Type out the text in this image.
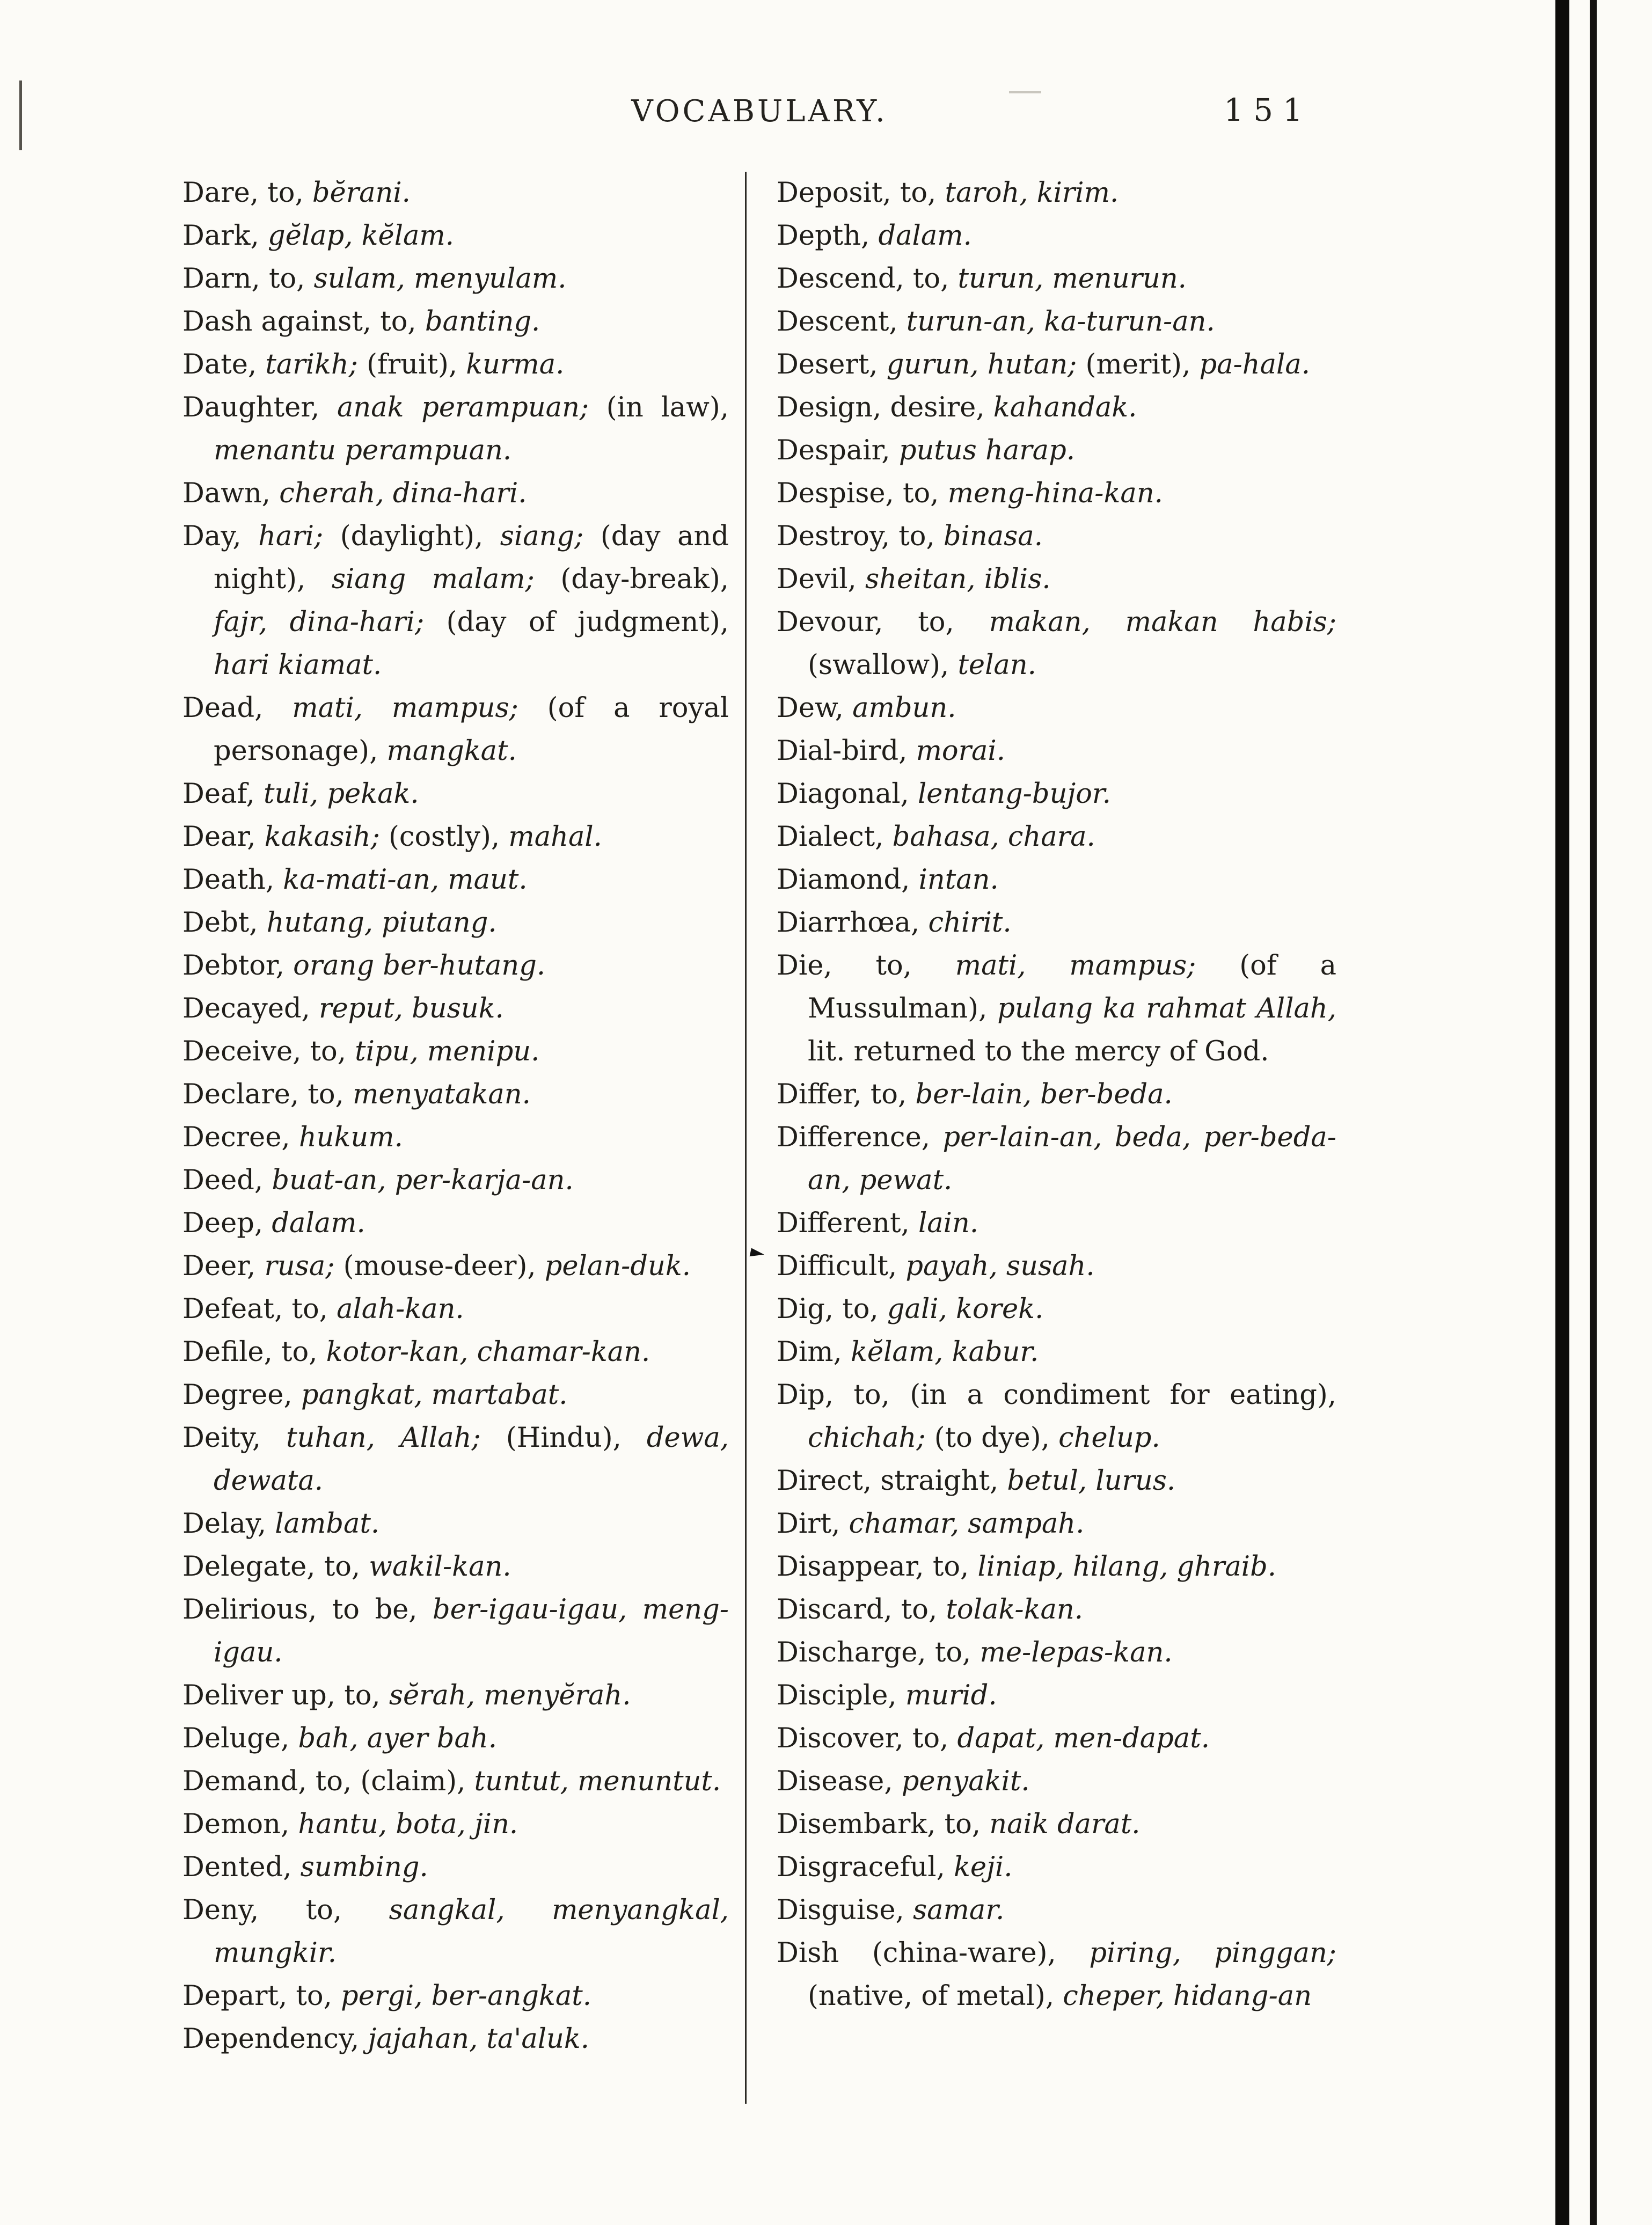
VOCABULARY.	151
Dare, to, bĕrani.
Dark, gĕlap, kĕlam.
Darn, to, sulam, menyulam.
Dash against, to, banting.
Date, tarikh; (fruit), kurma.
Daughter, anak perampuan; (in law), menantu perampuan.
Dawn, cherah, dina-hari.
Day, hari; (daylight), siang; (day and night), siang malam; (day-break), fajr, dina-hari; (day of judgment), hari kiamat.
Dead, mati, mampus; (of a royal personage), mangkat.
Deaf, tuli, pekak.
Dear, kakasih; (costly), mahal.
Death, ka-mati-an, maut.
Debt, hutang, piutang.
Debtor, orang ber-hutang.
Decayed, reput, busuk.
Deceive, to, tipu, menipu.
Declare, to, menyatakan.
Decree, hukum.
Deed, buat-an, per-karja-an.
Deep, dalam.
Deer, rusa; (mouse-deer), pelan-duk.
Defeat, to, alah-kan.
Defile, to, kotor-kan, chamar-kan.
Degree, pangkat, martabat.
Deity, tuhan, Allah; (Hindu), dewa, dewata.
Delay, lambat.
Delegate, to, wakil-kan.
Delirious, to be, ber-igau-igau, meng-igau.
Deliver up, to, sĕrah, menyĕrah.
Deluge, bah, ayer bah.
Demand, to, (claim), tuntut, menuntut.
Demon, hantu, bota, jin.
Dented, sumbing.
Deny, to, sangkal, menyangkal, mungkir.
Depart, to, pergi, ber-angkat.
Dependency, jajahan, ta'aluk.
Deposit, to, taroh, kirim.
Depth, dalam.
Descend, to, turun, menurun.
Descent, turun-an, ka-turun-an.
Desert, gurun, hutan; (merit), pa-hala.
Design, desire, kahandak.
Despair, putus harap.
Despise, to, meng-hina-kan.
Destroy, to, binasa.
Devil, sheitan, iblis.
Devour, to, makan, makan habis; (swallow), telan.
Dew, ambun.
Dial-bird, morai.
Diagonal, lentang-bujor.
Dialect, bahasa, chara.
Diamond, intan.
Diarrhœa, chirit.
Die, to, mati, mampus; (of a Mussulman), pulang ka rahmat Allah, lit. returned to the mercy of God.
Differ, to, ber-lain, ber-beda.
Difference, per-lain-an, beda, per-beda-an, pewat.
Different, lain.
Difficult, payah, susah.
Dig, to, gali, korek.
Dim, kĕlam, kabur.
Dip, to, (in a condiment for eating), chichah; (to dye), chelup.
Direct, straight, betul, lurus.
Dirt, chamar, sampah.
Disappear, to, liniap, hilang, ghraib.
Discard, to, tolak-kan.
Discharge, to, me-lepas-kan.
Disciple, murid.
Discover, to, dapat, men-dapat.
Disease, penyakit.
Disembark, to, naik darat.
Disgraceful, keji.
Disguise, samar.
Dish (china-ware), piring, pinggan; (native, of metal), cheper, hidang-an
